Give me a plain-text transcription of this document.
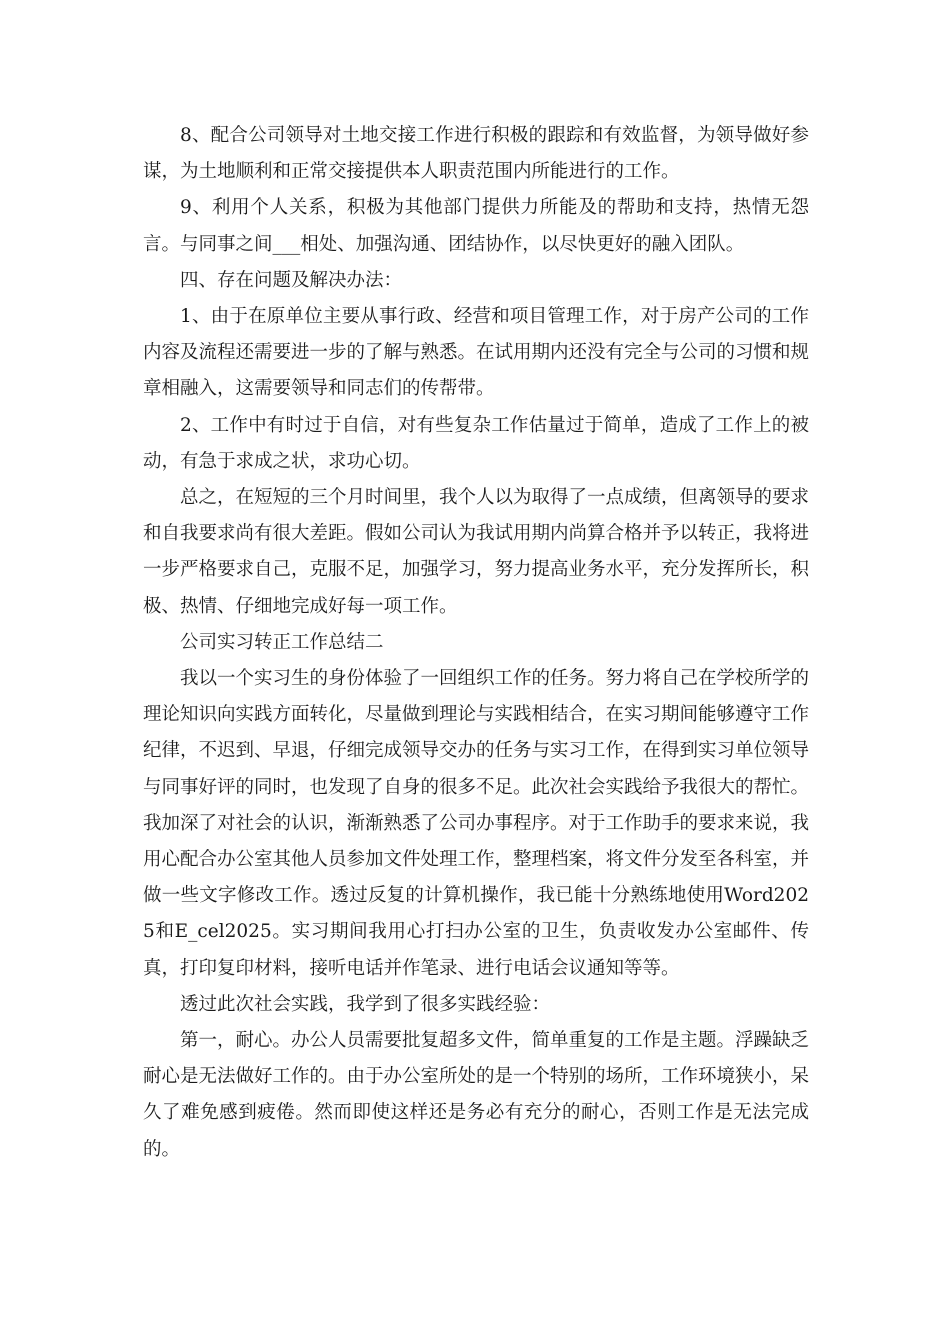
8、配合公司领导对土地交接工作进行积极的跟踪和有效监督，为领导做好参谋，为土地顺利和正常交接提供本人职责范围内所能进行的工作。

9、利用个人关系，积极为其他部门提供力所能及的帮助和支持，热情无怨言。与同事之间___相处、加强沟通、团结协作，以尽快更好的融入团队。

四、存在问题及解决办法：

1、由于在原单位主要从事行政、经营和项目管理工作，对于房产公司的工作内容及流程还需要进一步的了解与熟悉。在试用期内还没有完全与公司的习惯和规章相融入，这需要领导和同志们的传帮带。

2、工作中有时过于自信，对有些复杂工作估量过于简单，造成了工作上的被动，有急于求成之状，求功心切。

总之，在短短的三个月时间里，我个人以为取得了一点成绩，但离领导的要求和自我要求尚有很大差距。假如公司认为我试用期内尚算合格并予以转正，我将进一步严格要求自己，克服不足，加强学习，努力提高业务水平，充分发挥所长，积极、热情、仔细地完成好每一项工作。

公司实习转正工作总结二

我以一个实习生的身份体验了一回组织工作的任务。努力将自己在学校所学的理论知识向实践方面转化，尽量做到理论与实践相结合，在实习期间能够遵守工作纪律，不迟到、早退，仔细完成领导交办的任务与实习工作，在得到实习单位领导与同事好评的同时，也发现了自身的很多不足。此次社会实践给予我很大的帮忙。我加深了对社会的认识，渐渐熟悉了公司办事程序。对于工作助手的要求来说，我用心配合办公室其他人员参加文件处理工作，整理档案，将文件分发至各科室，并做一些文字修改工作。透过反复的计算机操作，我已能十分熟练地使用Word2025和E_cel2025。实习期间我用心打扫办公室的卫生，负责收发办公室邮件、传真，打印复印材料，接听电话并作笔录、进行电话会议通知等等。

透过此次社会实践，我学到了很多实践经验：

第一，耐心。办公人员需要批复超多文件，简单重复的工作是主题。浮躁缺乏耐心是无法做好工作的。由于办公室所处的是一个特别的场所，工作环境狭小，呆久了难免感到疲倦。然而即使这样还是务必有充分的耐心，否则工作是无法完成的。
